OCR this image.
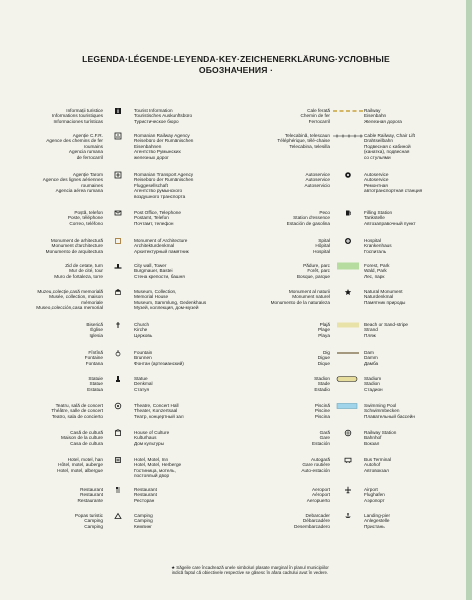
LEGENDA·LÉGENDE·LEYENDA·KEY·ZEICHENERKLÄRUNG·УСЛОВНЫЕ
ОБОЗНАЧЕНИЯ ·
Informații turistice
Informations touristiques
Informaciones turísticas
Tourist Information
Touristisches Auskunftsbüro
Туристическое бюро
Cale ferată
Chemin de fer
Ferrocarril
Railway
Eisenbahn
Железная дорога
Agenție C.F.R.
Agence des chemins de fer
roumains
Agencia rumana
de ferrocarril
Romanian Railway Agency
Reisebüro der Rumänischen
Eisenbahnen
Агентство Румынских
железных дорог
Telecabină, telescaun
Téléphérique, télé-chaise
Telecabina, telesilla
Cable Railway, Chair Lift
Drahtseilbahn
Подвесная с кабиной
(канатка), подвесная
со стульями
Agenție Tarom
Agence des lignes aériennes
roumaines
Agencia aérea rumana
Romanian Transport Agency
Reisebüro der Rumänischen
Fluggesellschaft
Агентство румынского
воздушного транспорта
Autoservice
Autoservice
Autoservicio
Autoservice
Autoservice
Ремонтная
автотранспортная станция
Poștă, telefon
Poste, téléphone
Correo, teléfono
Post Office, Telephone
Postamt, Telefon
Почтамт, телефон
Peco
Station d'essence
Estación de gasolina
Filling Station
Tankstelle
Автозаправочный пункт
Monument de arhitectură
Monument d'architecture
Monumento de arquitectura
Monument of Architecture
Architekturdenkmal
Архитектурный памятник
Spital
Hôpital
Hospital
Hospital
Krankenhaus
Госпиталь
Zid de cetate, turn
Mur de cité, tour
Muro de fortaleza, torre
City wall, Tower
Burgmauer, Bastei
Стена крепости, башня
Pădure, parc
Forêt, parc
Bosque, parque
Forest, Park
Wald, Park
Лес, парк
Muzeu,colecție,casă memorială
Musée, collection, maison
mémoriale
Museo,colección,casa memorial
Museum, Collection,
Memorial House
Museum, Sammlung, Gedenkhaus
Музей, коллекция, дом-музей
Monument al naturii
Monument naturel
Monumento de la naturaleza
Natural Monument
Naturdenkmal
Памятник природы
Biserică
Église
Iglesia
Church
Kirche
Церковь
Plajă
Plage
Playa
Beach or Sand-stripe
Strand
Пляж
Fîntînă
Fontaine
Fontana
Fountain
Brunnen
Фонтан (артезианский)
Dig
Digue
Dique
Dam
Damm
Дамба
Statuie
Statue
Estatua
Statue
Denkmal
Статуя
Stadion
Stade
Estadio
Stadium
Stadion
Стадион
Teatru, sală de concert
Théâtre, salle de concert
Teatro, sala de concierto
Theatre, Concert Hall
Theater, Konzertsaal
Театр, концертный зал
Piscină
Piscine
Piscina
Swimming Pool
Schwimmbecken
Плавательный бассейн
Casă de cultură
Maison de la culture
Casa de cultura
House of Culture
Kulturhaus
Дом культуры
Gară
Gare
Estación
Railway Station
Bahnhof
Вокзал
Hotel, motel, han
Hôtel, motel, auberge
Hotel, motel, albergue
Hotel, Motel, Inn
Hotel, Motel, Herberge
Гостиница, мотель,
постоялый двор
Autogară
Gare routière
Auto-estación
Bus Terminal
Autohof
Автовокзал
Restaurant
Restaurant
Restaurante
Restaurant
Restaurant
Ресторан
Aeroport
Aéroport
Aeropuerto
Airport
Flughafen
Аэропорт
Popas turistic
Camping
Camping
Camping
Camping
Кемпинг
Debarcader
Débarcadère
Desembarcadero
Landing-pier
Anlegestelle
Пристань
★ Săgeile care încadrează unele simboluri plasate marginal în planul municipiilor
indică faptul că obiectivele respective se găsesc în afara cadrului avut în vedere.
